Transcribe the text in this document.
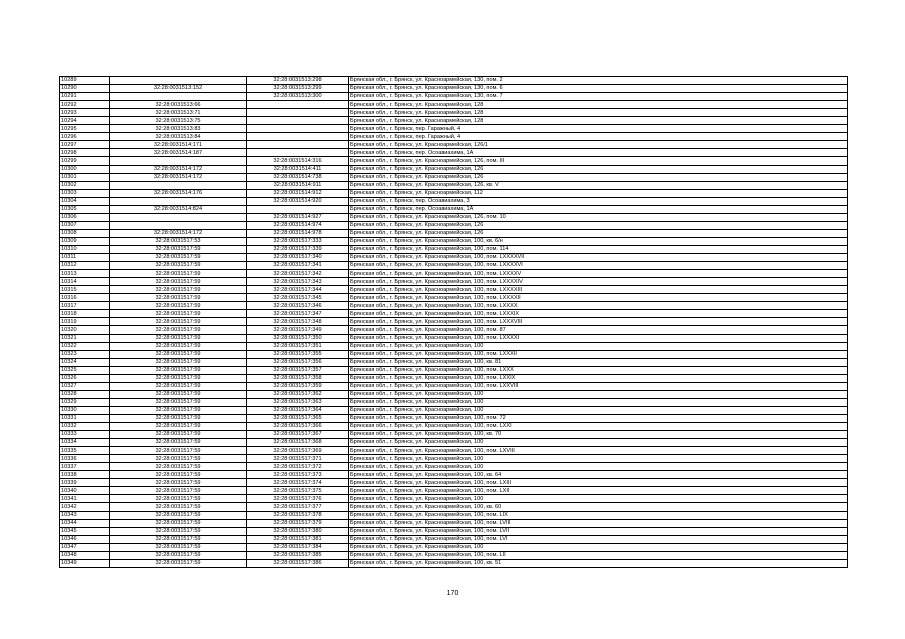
10289		32:28:0031513:298	Брянская обл., г. Брянск, ул. Красноармейская, 130, пом. 2
10290	32:28:0031513:152	32:28:0031513:299	Брянская обл., г. Брянск, ул. Красноармейская, 130, пом. 6
10291		32:28:0031513:300	Брянская обл., г. Брянск, ул. Красноармейская, 130, пом. 7
10292	32:28:0031513:66		Брянская обл., г. Брянск, ул. Красноармейская, 128
10293	32:28:0031513:71		Брянская обл., г. Брянск, ул. Красноармейская, 128
10294	32:28:0031513:75		Брянская обл., г. Брянск, ул. Красноармейская, 128
10295	32:28:0031513:83		Брянская обл., г. Брянск, пер. Гаражный, 4
10296	32:28:0031513:84		Брянская обл., г. Брянск, пер. Гаражный, 4
10297	32:28:0031514:171		Брянская обл., г. Брянск, ул. Красноармейская, 126/1
10298	32:28:0031514:187		Брянская обл., г. Брянск, пер. Осоавиахима, 1А
10299		32:28:0031514:316	Брянская обл., г. Брянск, ул. Красноармейская, 126, пом. III
10300	32:28:0031514:172	32:28:0031514:411	Брянская обл., г. Брянск, ул. Красноармейская, 126
10301	32:28:0031514:172	32:28:0031514:738	Брянская обл., г. Брянск, ул. Красноармейская, 126
10302		32:28:0031514:911	Брянская обл., г. Брянск, ул. Красноармейская, 126, кв. V
10303	32:28:0031514:176	32:28:0031514:912	Брянская обл., г. Брянск, ул. Красноармейская, 112
10304		32:28:0031514:920	Брянская обл., г. Брянск, пер. Осоавиахима, 3
10305	32:28:0031514:824		Брянская обл., г. Брянск, пер. Осоавиахима, 1А
10306		32:28:0031514:927	Брянская обл., г. Брянск, ул. Красноармейская, 126, пом. 10
10307		32:28:0031514:974	Брянская обл., г. Брянск, ул. Красноармейская, 126
10308	32:28:0031514:172	32:28:0031514:978	Брянская обл., г. Брянск, ул. Красноармейская, 126
10309	32:28:0031517:53	32:28:0031517:333	Брянская обл., г. Брянск, ул. Красноармейская, 100, кв. 6/н
10310	32:28:0031517:59	32:28:0031517:339	Брянская обл., г. Брянск, ул. Красноармейская, 100, пом. 114
10311	32:28:0031517:59	32:28:0031517:340	Брянская обл., г. Брянск, ул. Красноармейская, 100, пом. LXXXXVII
10312	32:28:0031517:59	32:28:0031517:341	Брянская обл., г. Брянск, ул. Красноармейская, 100, пом. LXXXXVI
10313	32:28:0031517:59	32:28:0031517:342	Брянская обл., г. Брянск, ул. Красноармейская, 100, пом. LXXXXV
10314	32:28:0031517:59	32:28:0031517:343	Брянская обл., г. Брянск, ул. Красноармейская, 100, пом. LXXXXIV
10315	32:28:0031517:59	32:28:0031517:344	Брянская обл., г. Брянск, ул. Красноармейская, 100, пом. LXXXXIII
10316	32:28:0031517:59	32:28:0031517:345	Брянская обл., г. Брянск, ул. Красноармейская, 100, пом. LXXXXII
10317	32:28:0031517:59	32:28:0031517:346	Брянская обл., г. Брянск, ул. Красноармейская, 100, пом. LXXXX
10318	32:28:0031517:59	32:28:0031517:347	Брянская обл., г. Брянск, ул. Красноармейская, 100, пом. LXXXIX
10319	32:28:0031517:59	32:28:0031517:348	Брянская обл., г. Брянск, ул. Красноармейская, 100, пом. LXXXVIII
10320	32:28:0031517:59	32:28:0031517:349	Брянская обл., г. Брянск, ул. Красноармейская, 100, пом. 87
10321	32:28:0031517:59	32:28:0031517:350	Брянская обл., г. Брянск, ул. Красноармейская, 100, пом. LXXXXI
10322	32:28:0031517:59	32:28:0031517:351	Брянская обл., г. Брянск, ул. Красноармейская, 100
10323	32:28:0031517:59	32:28:0031517:355	Брянская обл., г. Брянск, ул. Красноармейская, 100, пом. LXXXII
10324	32:28:0031517:59	32:28:0031517:356	Брянская обл., г. Брянск, ул. Красноармейская, 100, кв. 81
10325	32:28:0031517:59	32:28:0031517:357	Брянская обл., г. Брянск, ул. Красноармейская, 100, пом. LXXX
10326	32:28:0031517:59	32:28:0031517:358	Брянская обл., г. Брянск, ул. Красноармейская, 100, пом. LXXIX
10327	32:28:0031517:59	32:28:0031517:359	Брянская обл., г. Брянск, ул. Красноармейская, 100, пом. LXXVIII
10328	32:28:0031517:59	32:28:0031517:362	Брянская обл., г. Брянск, ул. Красноармейская, 100
10329	32:28:0031517:59	32:28:0031517:363	Брянская обл., г. Брянск, ул. Красноармейская, 100
10330	32:28:0031517:59	32:28:0031517:364	Брянская обл., г. Брянск, ул. Красноармейская, 100
10331	32:28:0031517:59	32:28:0031517:365	Брянская обл., г. Брянск, ул. Красноармейская, 100, пом. 72
10332	32:28:0031517:59	32:28:0031517:366	Брянская обл., г. Брянск, ул. Красноармейская, 100, пом. LXXI
10333	32:28:0031517:59	32:28:0031517:367	Брянская обл., г. Брянск, ул. Красноармейская, 100, кв. 70
10334	32:28:0031517:59	32:28:0031517:368	Брянская обл., г. Брянск, ул. Красноармейская, 100
10335	32:28:0031517:59	32:28:0031517:369	Брянская обл., г. Брянск, ул. Красноармейская, 100, пом. LXVIII
10336	32:28:0031517:59	32:28:0031517:371	Брянская обл., г. Брянск, ул. Красноармейская, 100
10337	32:28:0031517:59	32:28:0031517:372	Брянская обл., г. Брянск, ул. Красноармейская, 100
10338	32:28:0031517:59	32:28:0031517:373	Брянская обл., г. Брянск, ул. Красноармейская, 100, кв. 64
10339	32:28:0031517:59	32:28:0031517:374	Брянская обл., г. Брянск, ул. Красноармейская, 100, пом. LXIII
10340	32:28:0031517:59	32:28:0031517:375	Брянская обл., г. Брянск, ул. Красноармейская, 100, пом. LXII
10341	32:28:0031517:59	32:28:0031517:376	Брянская обл., г. Брянск, ул. Красноармейская, 100
10342	32:28:0031517:59	32:28:0031517:377	Брянская обл., г. Брянск, ул. Красноармейская, 100, кв. 60
10343	32:28:0031517:59	32:28:0031517:378	Брянская обл., г. Брянск, ул. Красноармейская, 100, пом. LIX
10344	32:28:0031517:59	32:28:0031517:379	Брянская обл., г. Брянск, ул. Красноармейская, 100, пом. LVIII
10345	32:28:0031517:59	32:28:0031517:380	Брянская обл., г. Брянск, ул. Красноармейская, 100, пом. LVII
10346	32:28:0031517:59	32:28:0031517:381	Брянская обл., г. Брянск, ул. Красноармейская, 100, пом. LVI
10347	32:28:0031517:59	32:28:0031517:384	Брянская обл., г. Брянск, ул. Красноармейская, 100
10348	32:28:0031517:59	32:28:0031517:385	Брянская обл., г. Брянск, ул. Красноармейская, 100, пом. LII
10349	32:28:0031517:59	32:28:0031517:386	Брянская обл., г. Брянск, ул. Красноармейская, 100, кв. 51
170
